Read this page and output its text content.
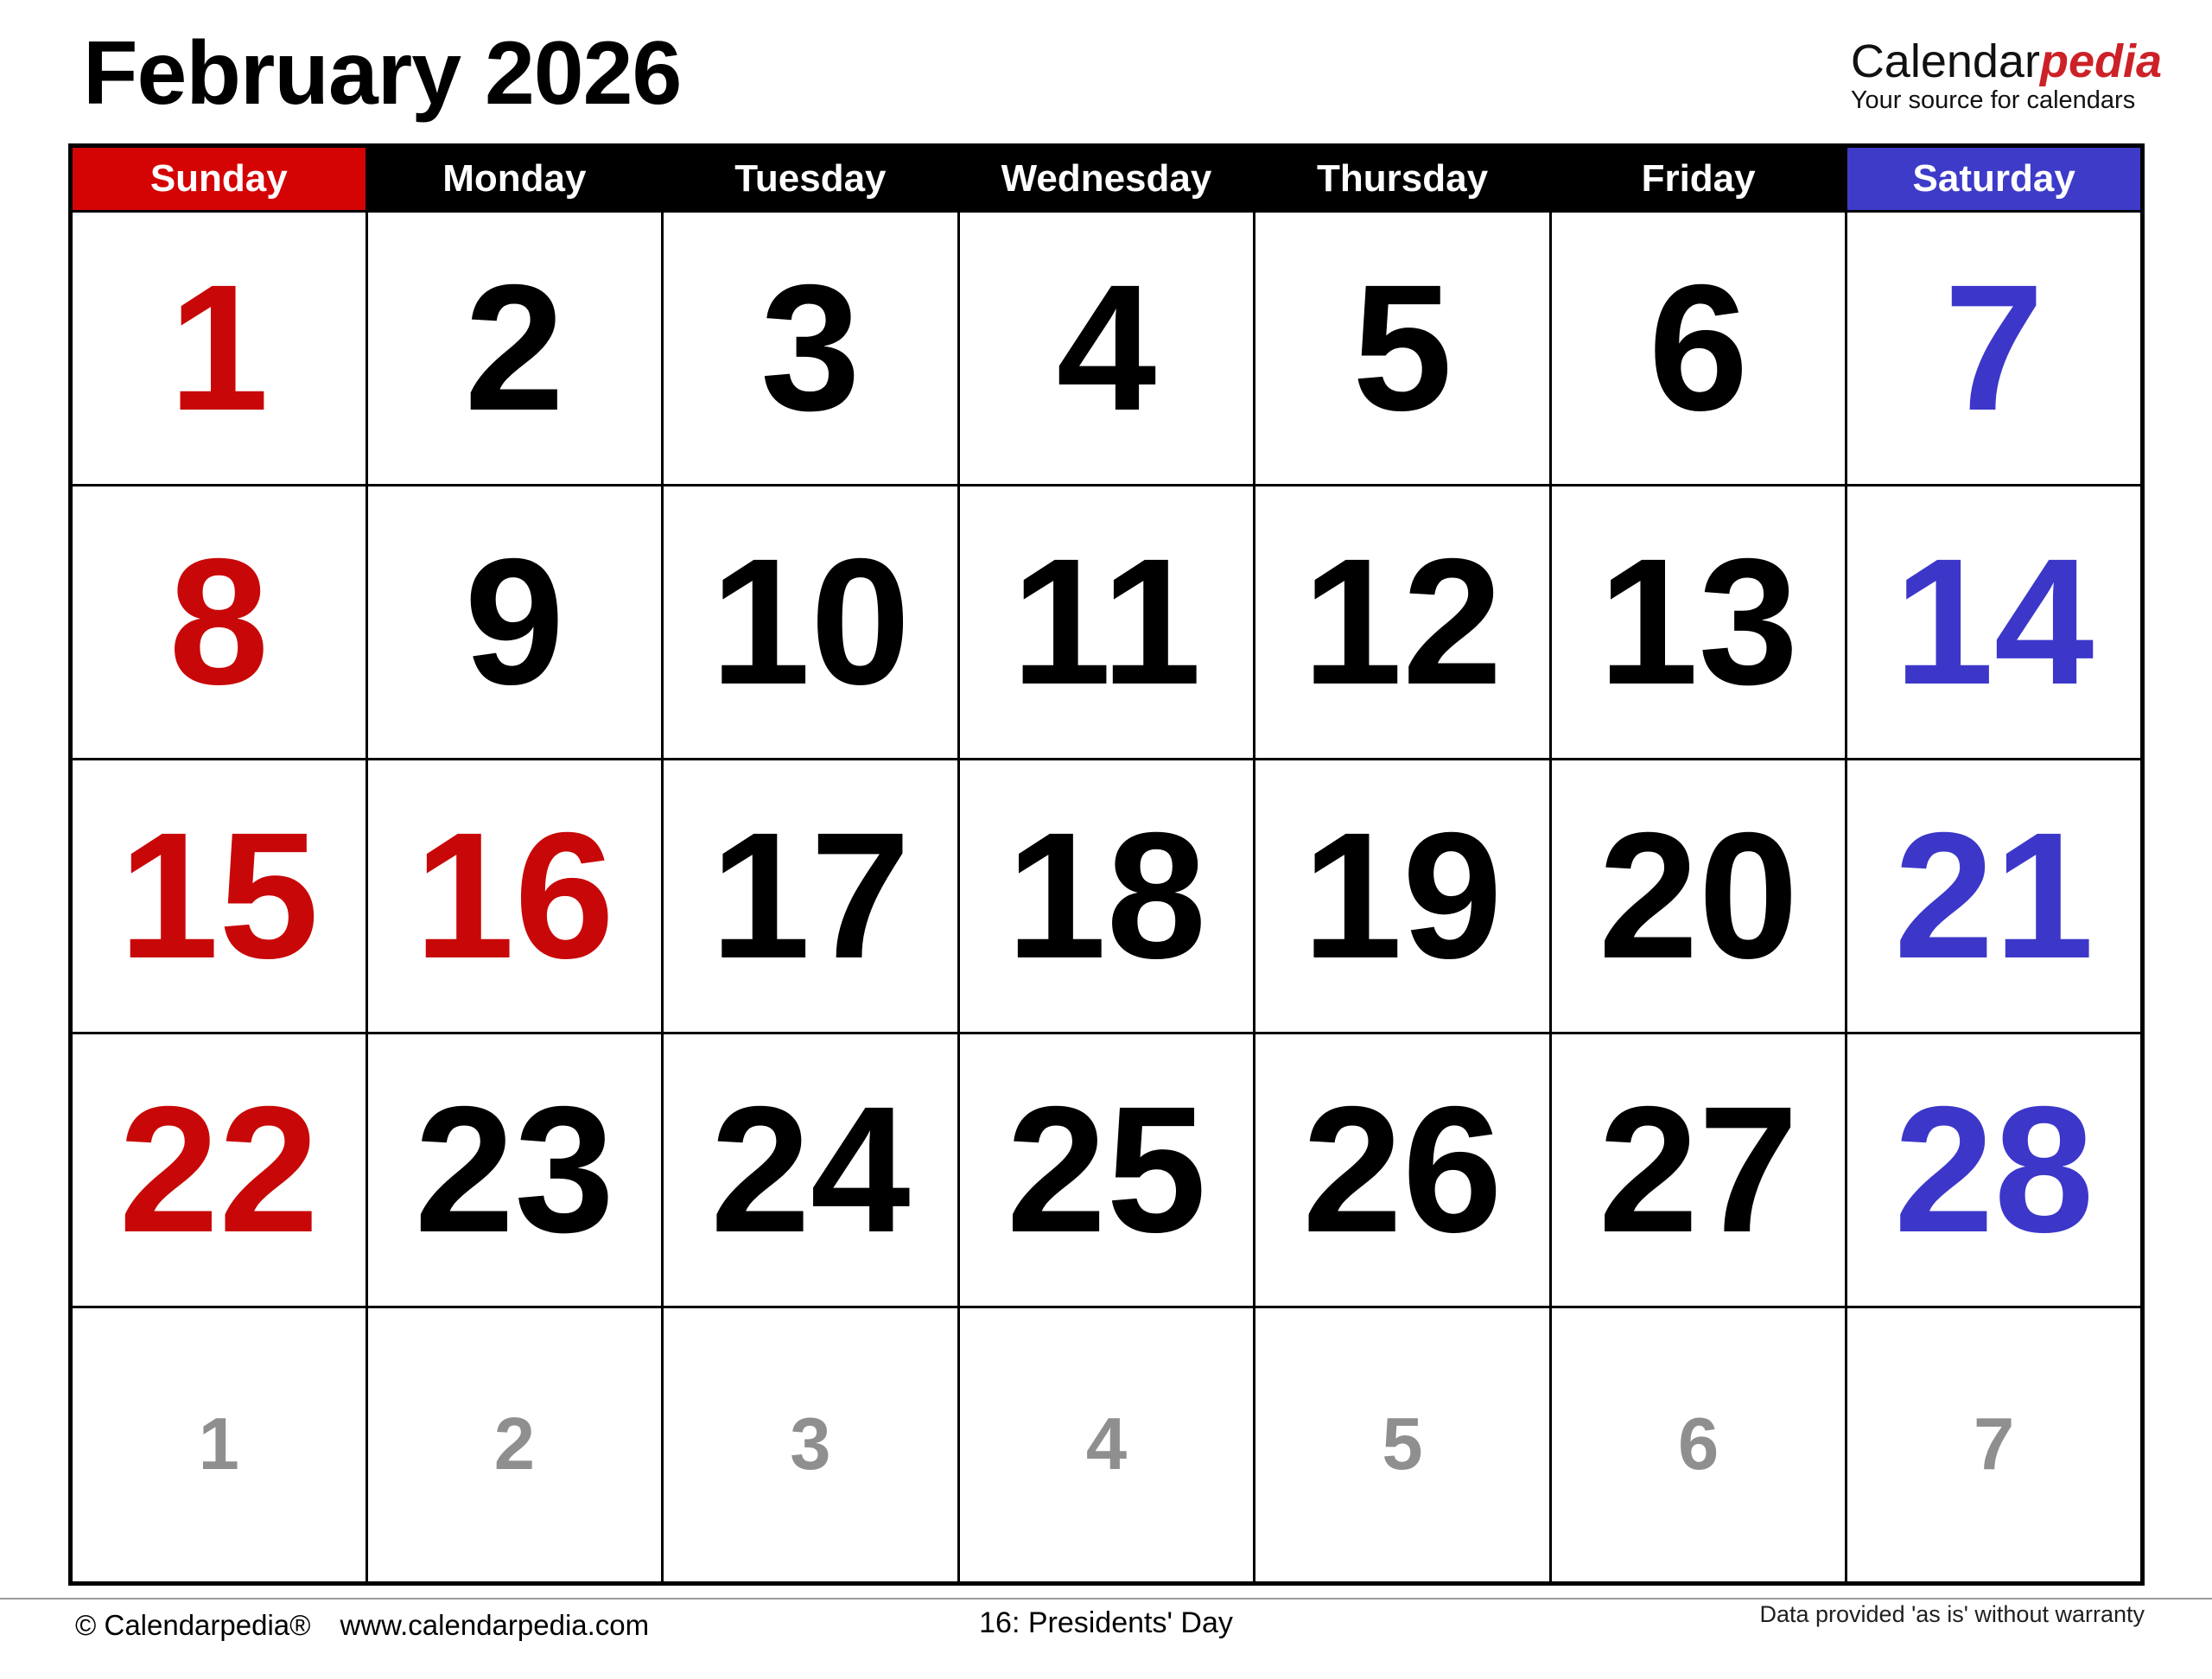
February 2026	Calendarpedia
Your source for calendars
Sunday	Monday	Tuesday	Wednesday	Thursday	Friday	Saturday
1	2	3	4	5	6	7
8	9	10	11	12	13	14
15	16	17	18	19	20	21
22	23	24	25	26	27	28
1	2	3	4	5	6	7
© Calendarpedia® www.calendarpedia.com	16: Presidents' Day	Data provided 'as is' without warranty
